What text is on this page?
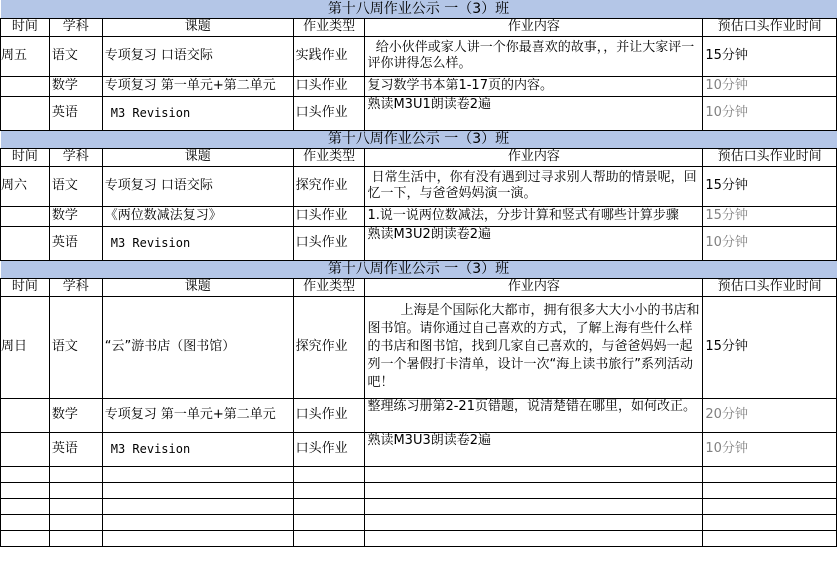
第十八周作业公示 一（3）班					
时间	学科	课题	作业类型	作业内容	预估口头作业时间
周五	语文	专项复习 口语交际	实践作业	给小伙伴或家人讲一个你最喜欢的故事，，并让大家评一评你讲得怎么样。	15分钟
	数学	专项复习 第一单元+第二单元	口头作业	复习数学书本第1-17页的内容。	10分钟
	英语	M3 Revision	口头作业	熟读M3U1朗读卷2遍	10分钟
第十八周作业公示 一（3）班					
时间	学科	课题	作业类型	作业内容	预估口头作业时间
周六	语文	专项复习 口语交际	探究作业	日常生活中，你有没有遇到过寻求别人帮助的情景呢，回忆一下，与爸爸妈妈演一演。	15分钟
	数学	《两位数减法复习》	口头作业	1.说一说两位数减法，分步计算和竖式有哪些计算步骤	15分钟
	英语	M3 Revision	口头作业	熟读M3U2朗读卷2遍	10分钟
第十八周作业公示 一（3）班					
时间	学科	课题	作业类型	作业内容	预估口头作业时间
周日	语文	“云”游书店（图书馆）	探究作业	上海是个国际化大都市，拥有很多大大小小的书店和图书馆。请你通过自己喜欢的方式，了解上海有些什么样的书店和图书馆，找到几家自己喜欢的，与爸爸妈妈一起列一个暑假打卡清单，设计一次“海上读书旅行”系列活动吧！	15分钟
	数学	专项复习 第一单元+第二单元	口头作业	整理练习册第2-21页错题，说清楚错在哪里，如何改正。	20分钟
	英语	M3 Revision	口头作业	熟读M3U3朗读卷2遍	10分钟
